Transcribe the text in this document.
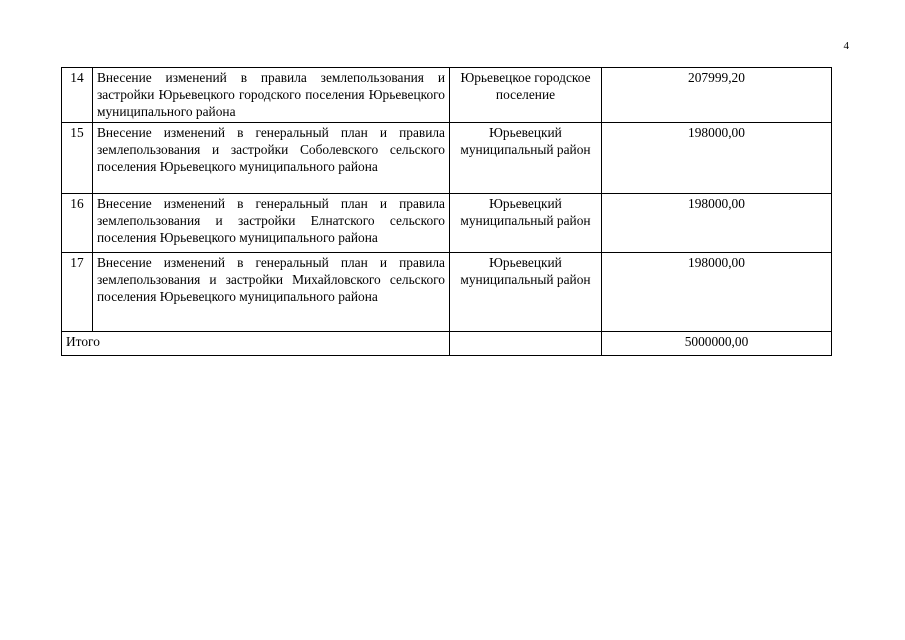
4
14	Внесение изменений в правила землепользования и застройки Юрьевецкого городского поселения Юрьевецкого муниципального района	Юрьевецкое городское поселение	207999,20
15	Внесение изменений в генеральный план и правила землепользования и застройки Соболевского сельского поселения Юрьевецкого муниципального района	Юрьевецкий муниципальный район	198000,00
16	Внесение изменений в генеральный план и правила землепользования и застройки Елнатского сельского поселения Юрьевецкого муниципального района	Юрьевецкий муниципальный район	198000,00
17	Внесение изменений в генеральный план и правила землепользования и застройки Михайловского сельского поселения Юрьевецкого муниципального района	Юрьевецкий муниципальный район	198000,00
Итого			5000000,00
